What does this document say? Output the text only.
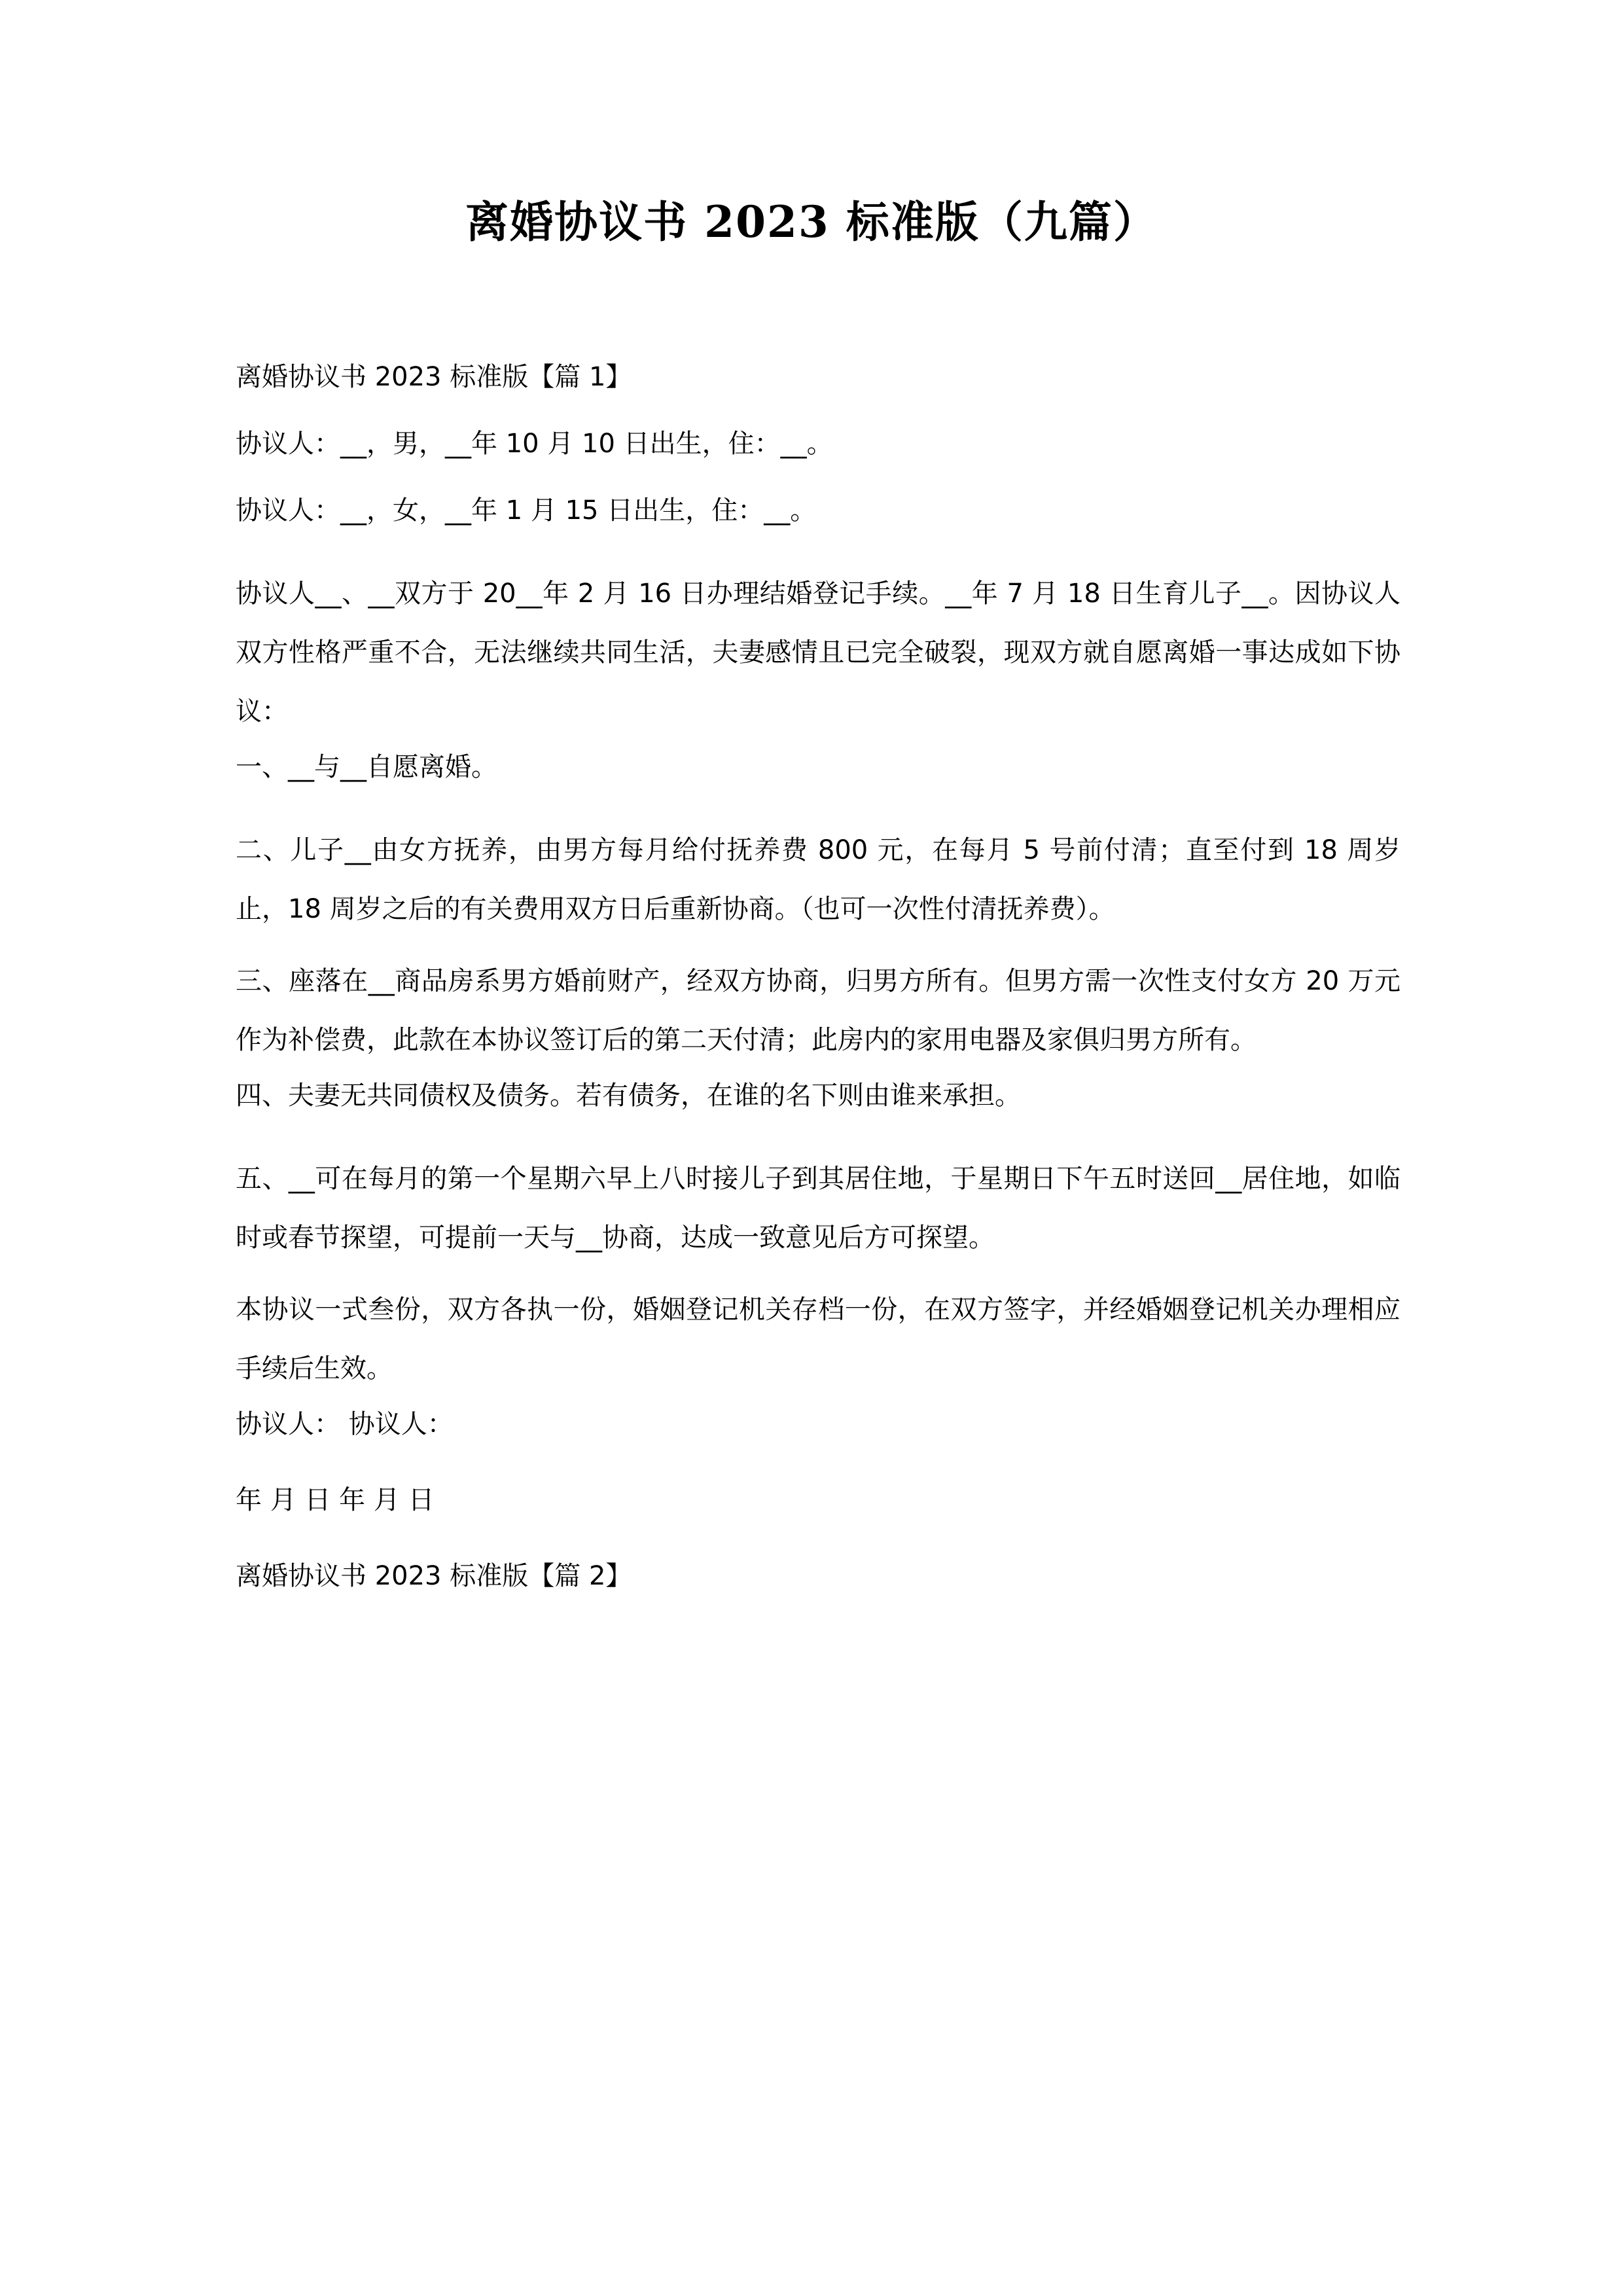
离婚协议书 2023 标准版（九篇）

离婚协议书 2023 标准版【篇 1】

协议人：__，男，__年 10 月 10 日出生，住：__。

协议人：__，女，__年 1 月 15 日出生，住：__。

协议人__、__双方于 20__年 2 月 16 日办理结婚登记手续。__年 7 月 18 日生育儿子__。因协议人双方性格严重不合，无法继续共同生活，夫妻感情且已完全破裂，现双方就自愿离婚一事达成如下协议：

一、__与__自愿离婚。

二、儿子__由女方抚养，由男方每月给付抚养费 800 元，在每月 5 号前付清；直至付到 18 周岁止，18 周岁之后的有关费用双方日后重新协商。（也可一次性付清抚养费）。

三、座落在__商品房系男方婚前财产，经双方协商，归男方所有。但男方需一次性支付女方 20 万元作为补偿费，此款在本协议签订后的第二天付清；此房内的家用电器及家俱归男方所有。

四、夫妻无共同债权及债务。若有债务，在谁的名下则由谁来承担。

五、__可在每月的第一个星期六早上八时接儿子到其居住地，于星期日下午五时送回__居住地，如临时或春节探望，可提前一天与__协商，达成一致意见后方可探望。

本协议一式叁份，双方各执一份，婚姻登记机关存档一份，在双方签字，并经婚姻登记机关办理相应手续后生效。

协议人： 协议人：

年 月 日 年 月 日

离婚协议书 2023 标准版【篇 2】
